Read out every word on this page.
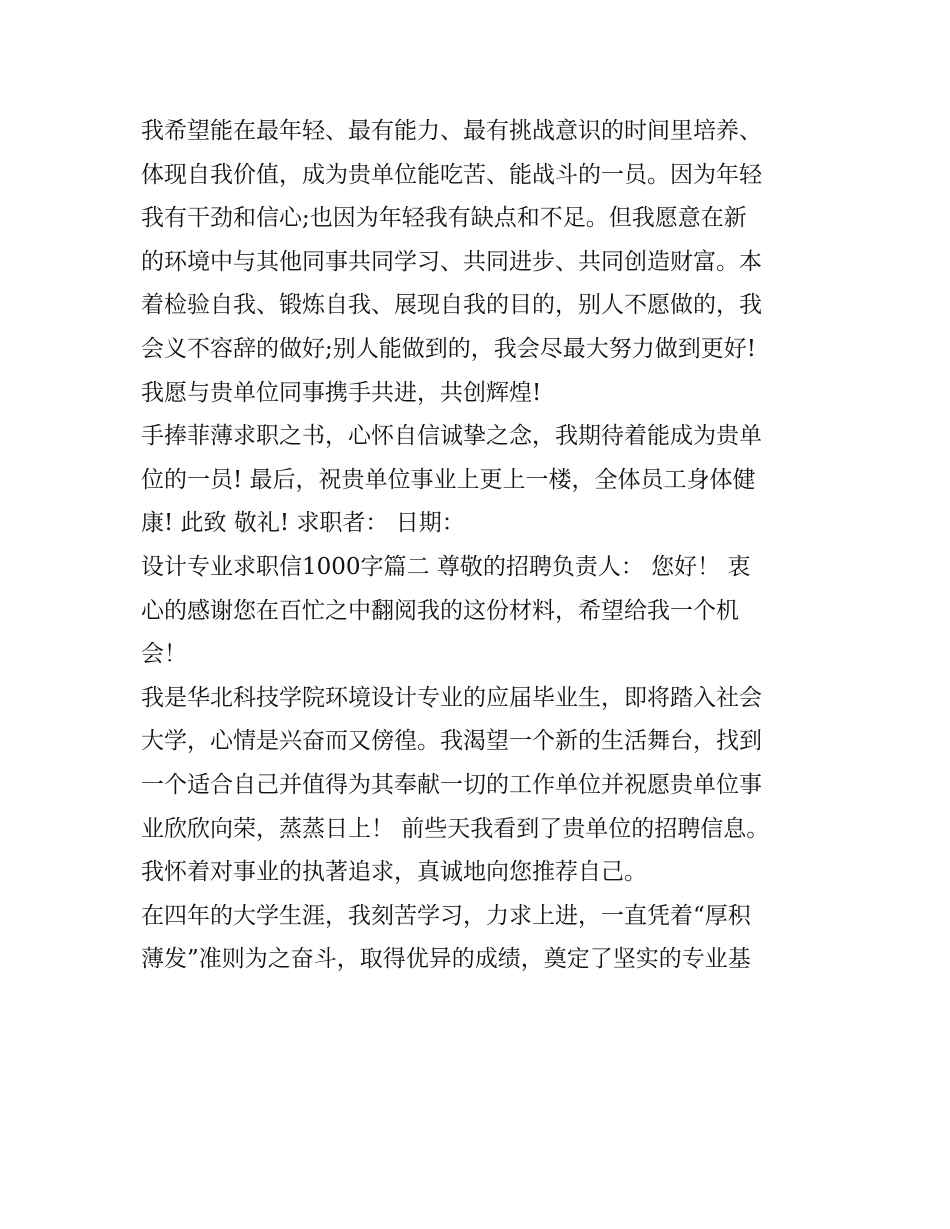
我希望能在最年轻、最有能力、最有挑战意识的时间里培养、
体现自我价值，成为贵单位能吃苦、能战斗的一员。因为年轻
我有干劲和信心;也因为年轻我有缺点和不足。但我愿意在新
的环境中与其他同事共同学习、共同进步、共同创造财富。本
着检验自我、锻炼自我、展现自我的目的，别人不愿做的，我
会义不容辞的做好;别人能做到的，我会尽最大努力做到更好!
我愿与贵单位同事携手共进，共创辉煌!
手捧菲薄求职之书，心怀自信诚挚之念，我期待着能成为贵单
位的一员! 最后，祝贵单位事业上更上一楼，全体员工身体健
康! 此致 敬礼! 求职者： 日期：
设计专业求职信1000字篇二 尊敬的招聘负责人： 您好！ 衷
心的感谢您在百忙之中翻阅我的这份材料，希望给我一个机
会！
我是华北科技学院环境设计专业的应届毕业生，即将踏入社会
大学，心情是兴奋而又傍徨。我渴望一个新的生活舞台，找到
一个适合自己并值得为其奉献一切的工作单位并祝愿贵单位事
业欣欣向荣，蒸蒸日上！ 前些天我看到了贵单位的招聘信息。
我怀着对事业的执著追求，真诚地向您推荐自己。
在四年的大学生涯，我刻苦学习，力求上进，一直凭着“厚积
薄发”准则为之奋斗，取得优异的成绩，奠定了坚实的专业基
